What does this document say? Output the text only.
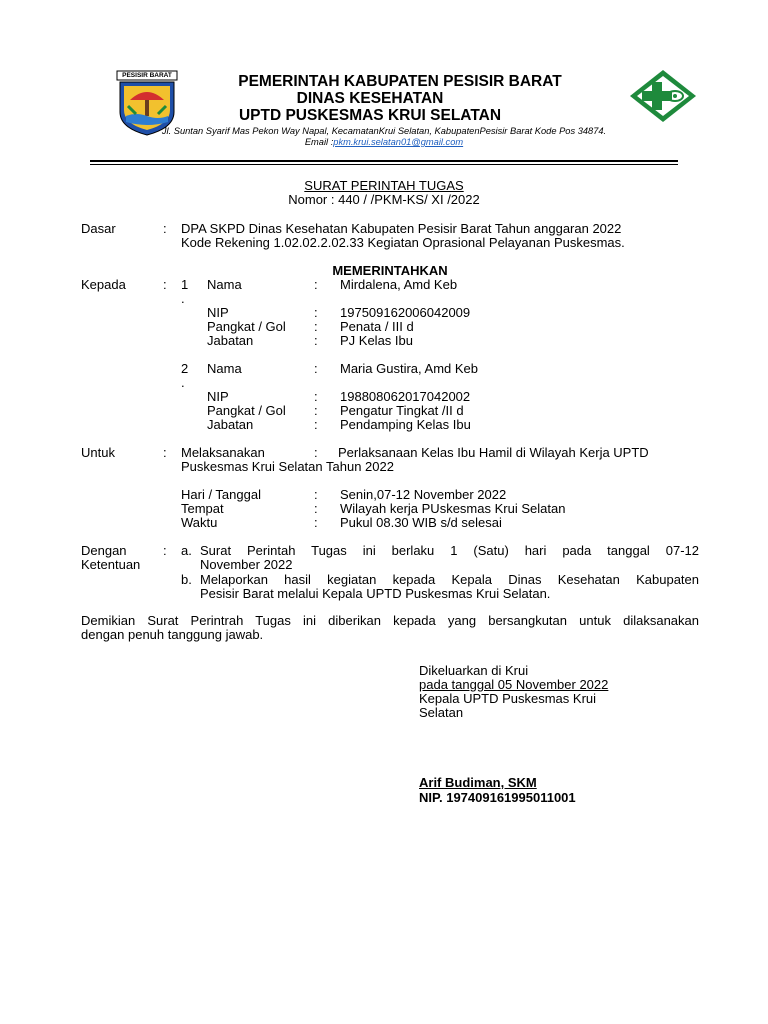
PESISIR BARAT	PEMERINTAH KABUPATEN PESISIR BARAT
DINAS KESEHATAN
UPTD PUSKESMAS KRUI SELATAN
Jl. Suntan Syarif Mas Pekon Way Napal, KecamatanKrui Selatan, KabupatenPesisir Barat Kode Pos 34874.
Email :pkm.krui.selatan01@gmail.com
SURAT PERINTAH TUGAS
Nomor : 440 / /PKM-KS/ XI /2022
Dasar	: DPA SKPD Dinas Kesehatan Kabupaten Pesisir Barat Tahun anggaran 2022
Kode Rekening 1.02.02.2.02.33 Kegiatan Oprasional Pelayanan Puskesmas.
MEMERINTAHKAN
Kepada	: 1
.
Nama	: Mirdalena, Amd Keb
NIP	: 197509162006042009
Pangkat / Gol : Penata / III d
Jabatan	: PJ Kelas Ibu
2
.
Nama	: Maria Gustira, Amd Keb
NIP	: 198808062017042002
Pangkat / Gol : Pengatur Tingkat /II d
Jabatan	: Pendamping Kelas Ibu
Untuk	: Melaksanakan	: Perlaksanaan Kelas Ibu Hamil di Wilayah Kerja UPTD
Puskesmas Krui Selatan Tahun 2022
Hari / Tanggal	: Senin,07-12 November 2022
Tempat	: Wilayah kerja PUskesmas Krui Selatan
Waktu	: Pukul 08.30 WIB s/d selesai
Dengan
Ketentuan
: a. Surat Perintah Tugas ini berlaku 1 (Satu) hari pada tanggal 07-12
November 2022
b. Melaporkan hasil kegiatan kepada Kepala Dinas Kesehatan Kabupaten
Pesisir Barat melalui Kepala UPTD Puskesmas Krui Selatan.
Demikian Surat Perintrah Tugas ini diberikan kepada yang bersangkutan untuk dilaksanakan
dengan penuh tanggung jawab.
Dikeluarkan di Krui
pada tanggal 05 November 2022
Kepala UPTD Puskesmas Krui
Selatan
Arif Budiman, SKM
NIP. 197409161995011001
